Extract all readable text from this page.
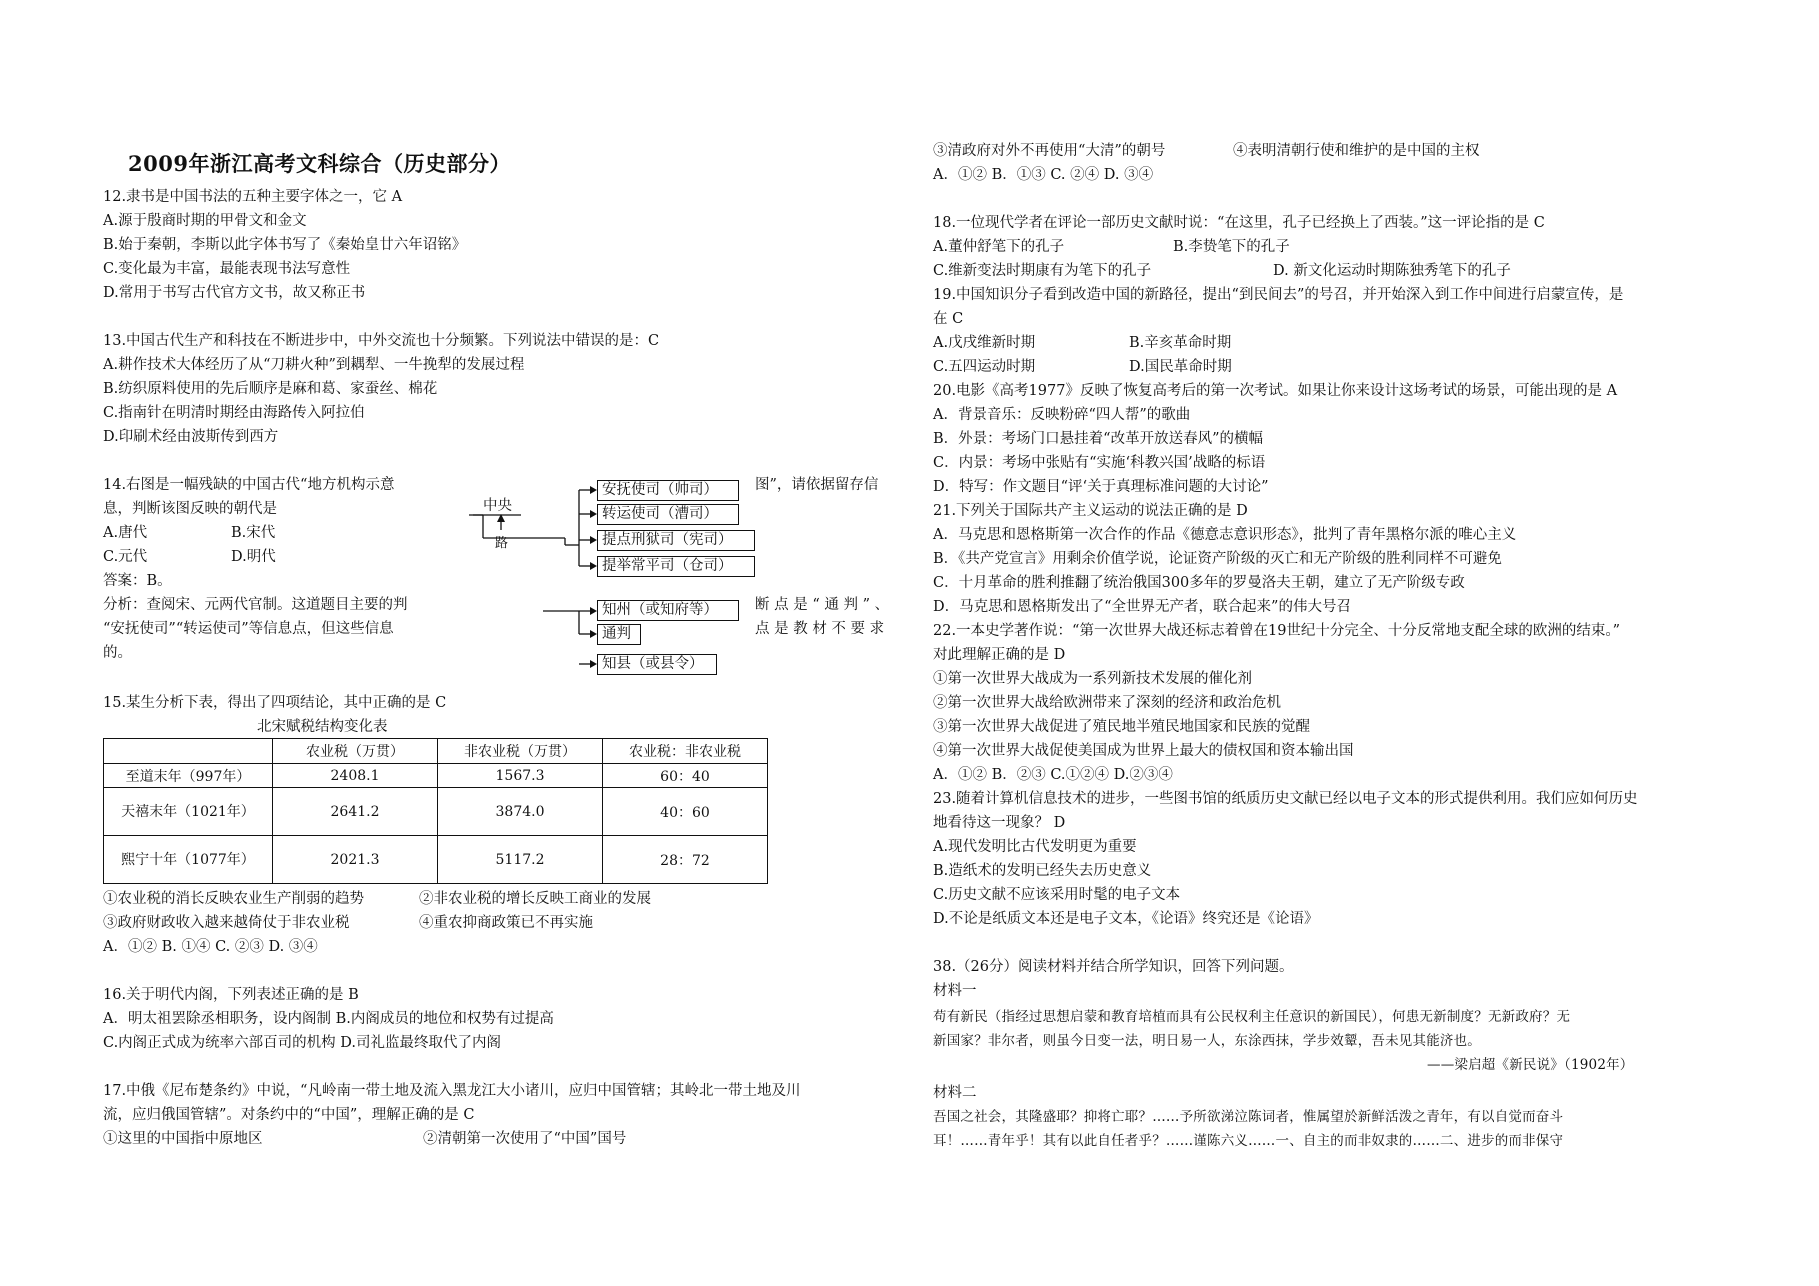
2009年浙江高考文科综合（历史部分）
12.隶书是中国书法的五种主要字体之一，它 A
A.源于殷商时期的甲骨文和金文
B.始于秦朝，李斯以此字体书写了《秦始皇廿六年诏铭》
C.变化最为丰富，最能表现书法写意性
D.常用于书写古代官方文书，故又称正书
13.中国古代生产和科技在不断进步中，中外交流也十分频繁。下列说法中错误的是：C
A.耕作技术大体经历了从“刀耕火种”到耦犁、一牛挽犁的发展过程
B.纺织原料使用的先后顺序是麻和葛、家蚕丝、棉花
C.指南针在明清时期经由海路传入阿拉伯
D.印刷术经由波斯传到西方
14.右图是一幅残缺的中国古代“地方机构示意	图”，请依据留存信
息，判断该图反映的朝代是
A.唐代	B.宋代
C.元代	D.明代
答案：B。
分析：查阅宋、元两代官制。这道题目主要的判	断 点 是 “ 通 判 ” 、
“安抚使司”“转运使司”等信息点，但这些信息	点 是 教 材 不 要 求
的。
中央
路
安抚使司（帅司）
转运使司（漕司）
提点刑狱司（宪司）
提举常平司（仓司）
知州（或知府等）
通判
知县（或县令）
15.某生分析下表，得出了四项结论，其中正确的是 C
北宋赋税结构变化表
	农业税（万贯）	非农业税（万贯）	农业税：非农业税
至道末年（997年）	2408.1	1567.3	60：40
天禧末年（1021年）	2641.2	3874.0	40：60
熙宁十年（1077年）	2021.3	5117.2	28：72
①农业税的消长反映农业生产削弱的趋势	②非农业税的增长反映工商业的发展
③政府财政收入越来越倚仗于非农业税	④重农抑商政策已不再实施
A．①② B. ①④ C. ②③ D. ③④
16.关于明代内阁，下列表述正确的是 B
A．明太祖罢除丞相职务，设内阁制 B.内阁成员的地位和权势有过提高
C.内阁正式成为统率六部百司的机构 D.司礼监最终取代了内阁
17.中俄《尼布楚条约》中说，“凡岭南一带土地及流入黑龙江大小诸川，应归中国管辖；其岭北一带土地及川
流，应归俄国管辖”。对条约中的“中国”，理解正确的是 C
①这里的中国指中原地区	②清朝第一次使用了“中国”国号
③清政府对外不再使用“大清”的朝号	④表明清朝行使和维护的是中国的主权
A．①② B．①③ C. ②④ D. ③④
18.一位现代学者在评论一部历史文献时说：“在这里，孔子已经换上了西装。”这一评论指的是 C
A.董仲舒笔下的孔子	B.李贽笔下的孔子
C.维新变法时期康有为笔下的孔子	D. 新文化运动时期陈独秀笔下的孔子
19.中国知识分子看到改造中国的新路径，提出“到民间去”的号召，并开始深入到工作中间进行启蒙宣传，是
在 C
A.戊戌维新时期	B.辛亥革命时期
C.五四运动时期	D.国民革命时期
20.电影《高考1977》反映了恢复高考后的第一次考试。如果让你来设计这场考试的场景，可能出现的是 A
A．背景音乐：反映粉碎“四人帮”的歌曲
B．外景：考场门口悬挂着“改革开放送春风”的横幅
C．内景：考场中张贴有“实施‘科教兴国’战略的标语
D．特写：作文题目“评‘关于真理标准问题的大讨论”
21.下列关于国际共产主义运动的说法正确的是 D
A．马克思和恩格斯第一次合作的作品《德意志意识形态》，批判了青年黑格尔派的唯心主义
B．《共产党宣言》用剩余价值学说，论证资产阶级的灭亡和无产阶级的胜利同样不可避免
C．十月革命的胜利推翻了统治俄国300多年的罗曼洛夫王朝，建立了无产阶级专政
D．马克思和恩格斯发出了“全世界无产者，联合起来”的伟大号召
22.一本史学著作说：“第一次世界大战还标志着曾在19世纪十分完全、十分反常地支配全球的欧洲的结束。”
对此理解正确的是 D
①第一次世界大战成为一系列新技术发展的催化剂
②第一次世界大战给欧洲带来了深刻的经济和政治危机
③第一次世界大战促进了殖民地半殖民地国家和民族的觉醒
④第一次世界大战促使美国成为世界上最大的债权国和资本输出国
A．①② B．②③ C.①②④ D.②③④
23.随着计算机信息技术的进步，一些图书馆的纸质历史文献已经以电子文本的形式提供利用。我们应如何历史
地看待这一现象？ D
A.现代发明比古代发明更为重要
B.造纸术的发明已经失去历史意义
C.历史文献不应该采用时髦的电子文本
D.不论是纸质文本还是电子文本，《论语》终究还是《论语》
38.（26分）阅读材料并结合所学知识，回答下列问题。
材料一
苟有新民（指经过思想启蒙和教育培植而具有公民权利主任意识的新国民），何患无新制度？无新政府？无
新国家？非尔者，则虽今日变一法，明日易一人，东涂西抹，学步效颦，吾未见其能济也。
——梁启超《新民说》（1902年）
材料二
吾国之社会，其隆盛耶？抑将亡耶？……予所欲涕泣陈词者，惟属望於新鲜活泼之青年，有以自觉而奋斗
耳！……青年乎！其有以此自任者乎？……谨陈六义……一、自主的而非奴隶的……二、进步的而非保守
